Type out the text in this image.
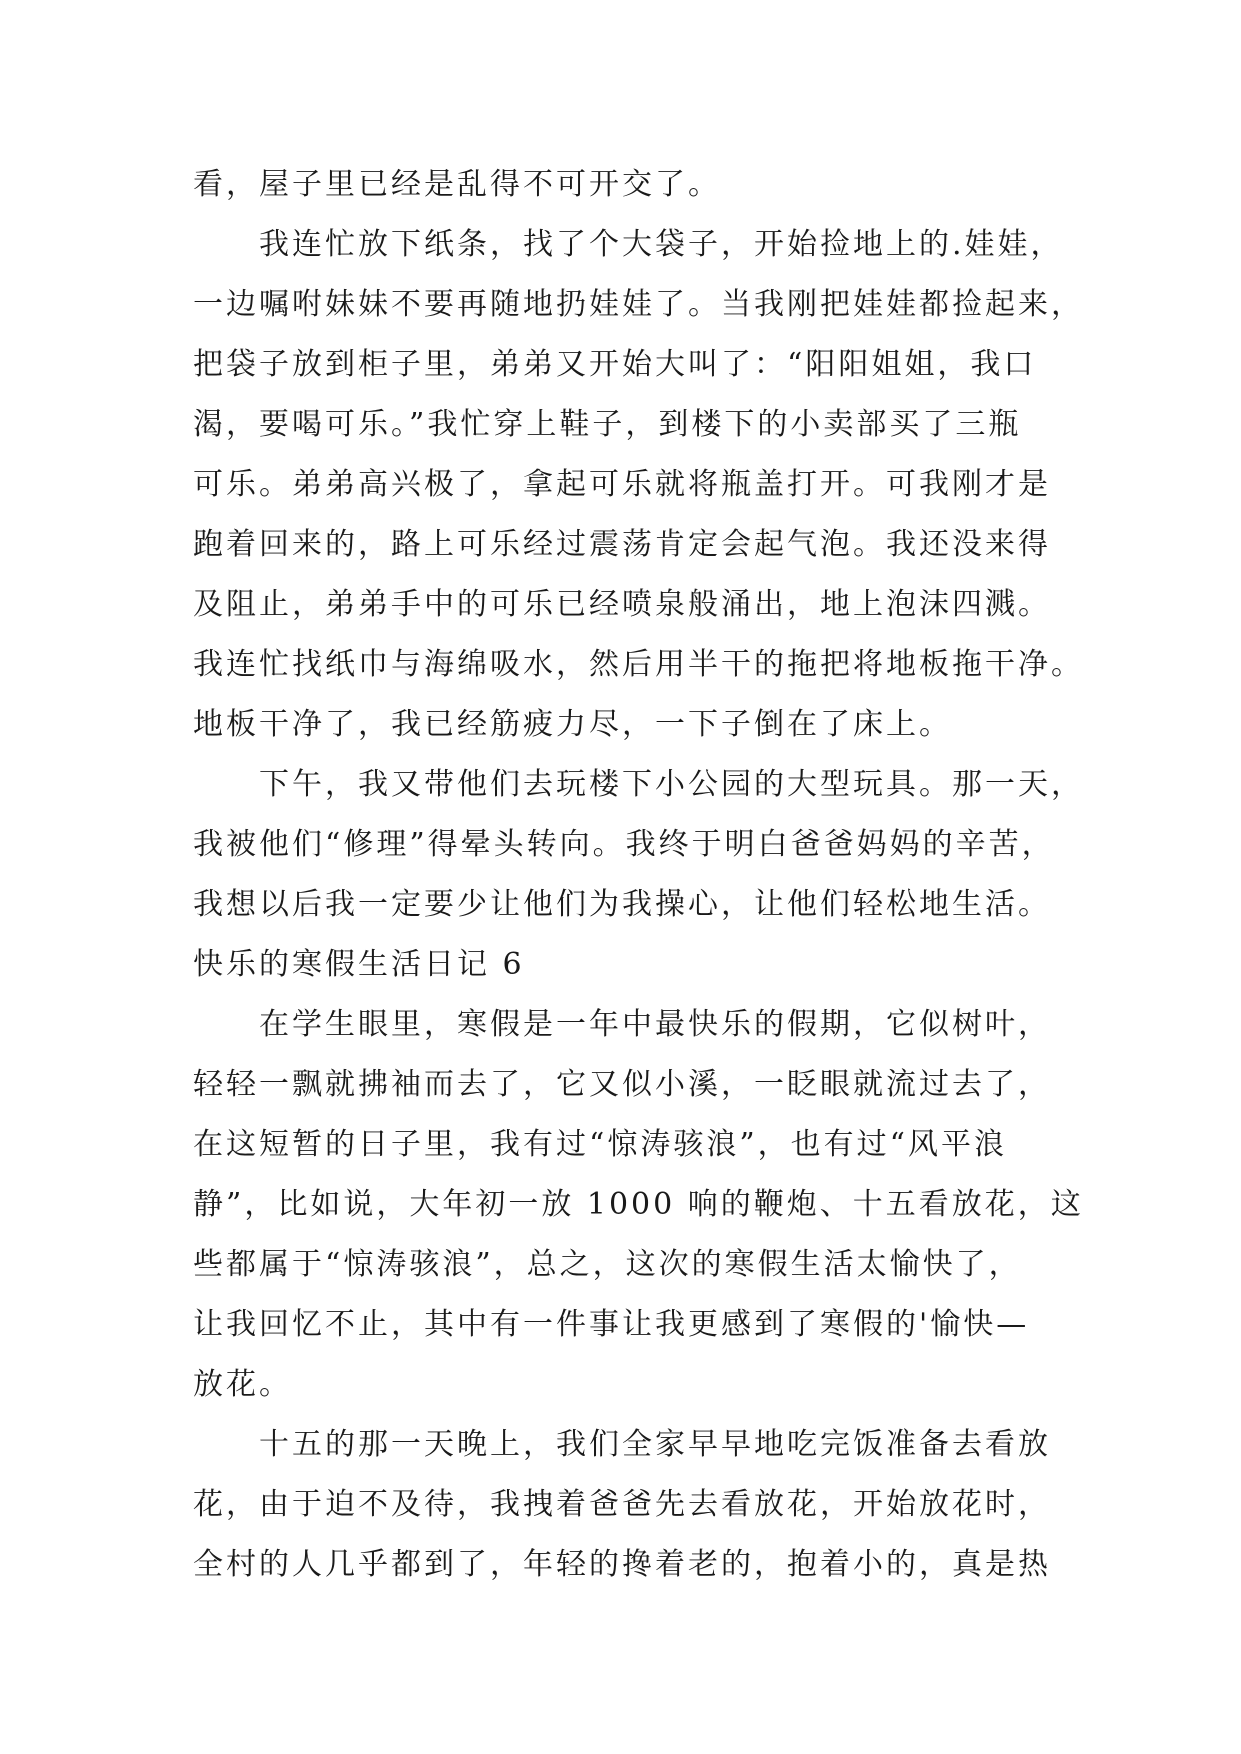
看，屋子里已经是乱得不可开交了。
　　我连忙放下纸条，找了个大袋子，开始捡地上的.娃娃，
一边嘱咐妹妹不要再随地扔娃娃了。当我刚把娃娃都捡起来，
把袋子放到柜子里，弟弟又开始大叫了：“阳阳姐姐，我口
渴，要喝可乐。”我忙穿上鞋子，到楼下的小卖部买了三瓶
可乐。弟弟高兴极了，拿起可乐就将瓶盖打开。可我刚才是
跑着回来的，路上可乐经过震荡肯定会起气泡。我还没来得
及阻止，弟弟手中的可乐已经喷泉般涌出，地上泡沫四溅。
我连忙找纸巾与海绵吸水，然后用半干的拖把将地板拖干净。
地板干净了，我已经筋疲力尽，一下子倒在了床上。
　　下午，我又带他们去玩楼下小公园的大型玩具。那一天，
我被他们“修理”得晕头转向。我终于明白爸爸妈妈的辛苦，
我想以后我一定要少让他们为我操心，让他们轻松地生活。
快乐的寒假生活日记 6
　　在学生眼里，寒假是一年中最快乐的假期，它似树叶，
轻轻一飘就拂袖而去了，它又似小溪，一眨眼就流过去了，
在这短暂的日子里，我有过“惊涛骇浪”，也有过“风平浪
静”，比如说，大年初一放 1000 响的鞭炮、十五看放花，这
些都属于“惊涛骇浪”，总之，这次的寒假生活太愉快了，
让我回忆不止，其中有一件事让我更感到了寒假的'愉快—
放花。
　　十五的那一天晚上，我们全家早早地吃完饭准备去看放
花，由于迫不及待，我拽着爸爸先去看放花，开始放花时，
全村的人几乎都到了，年轻的搀着老的，抱着小的，真是热
